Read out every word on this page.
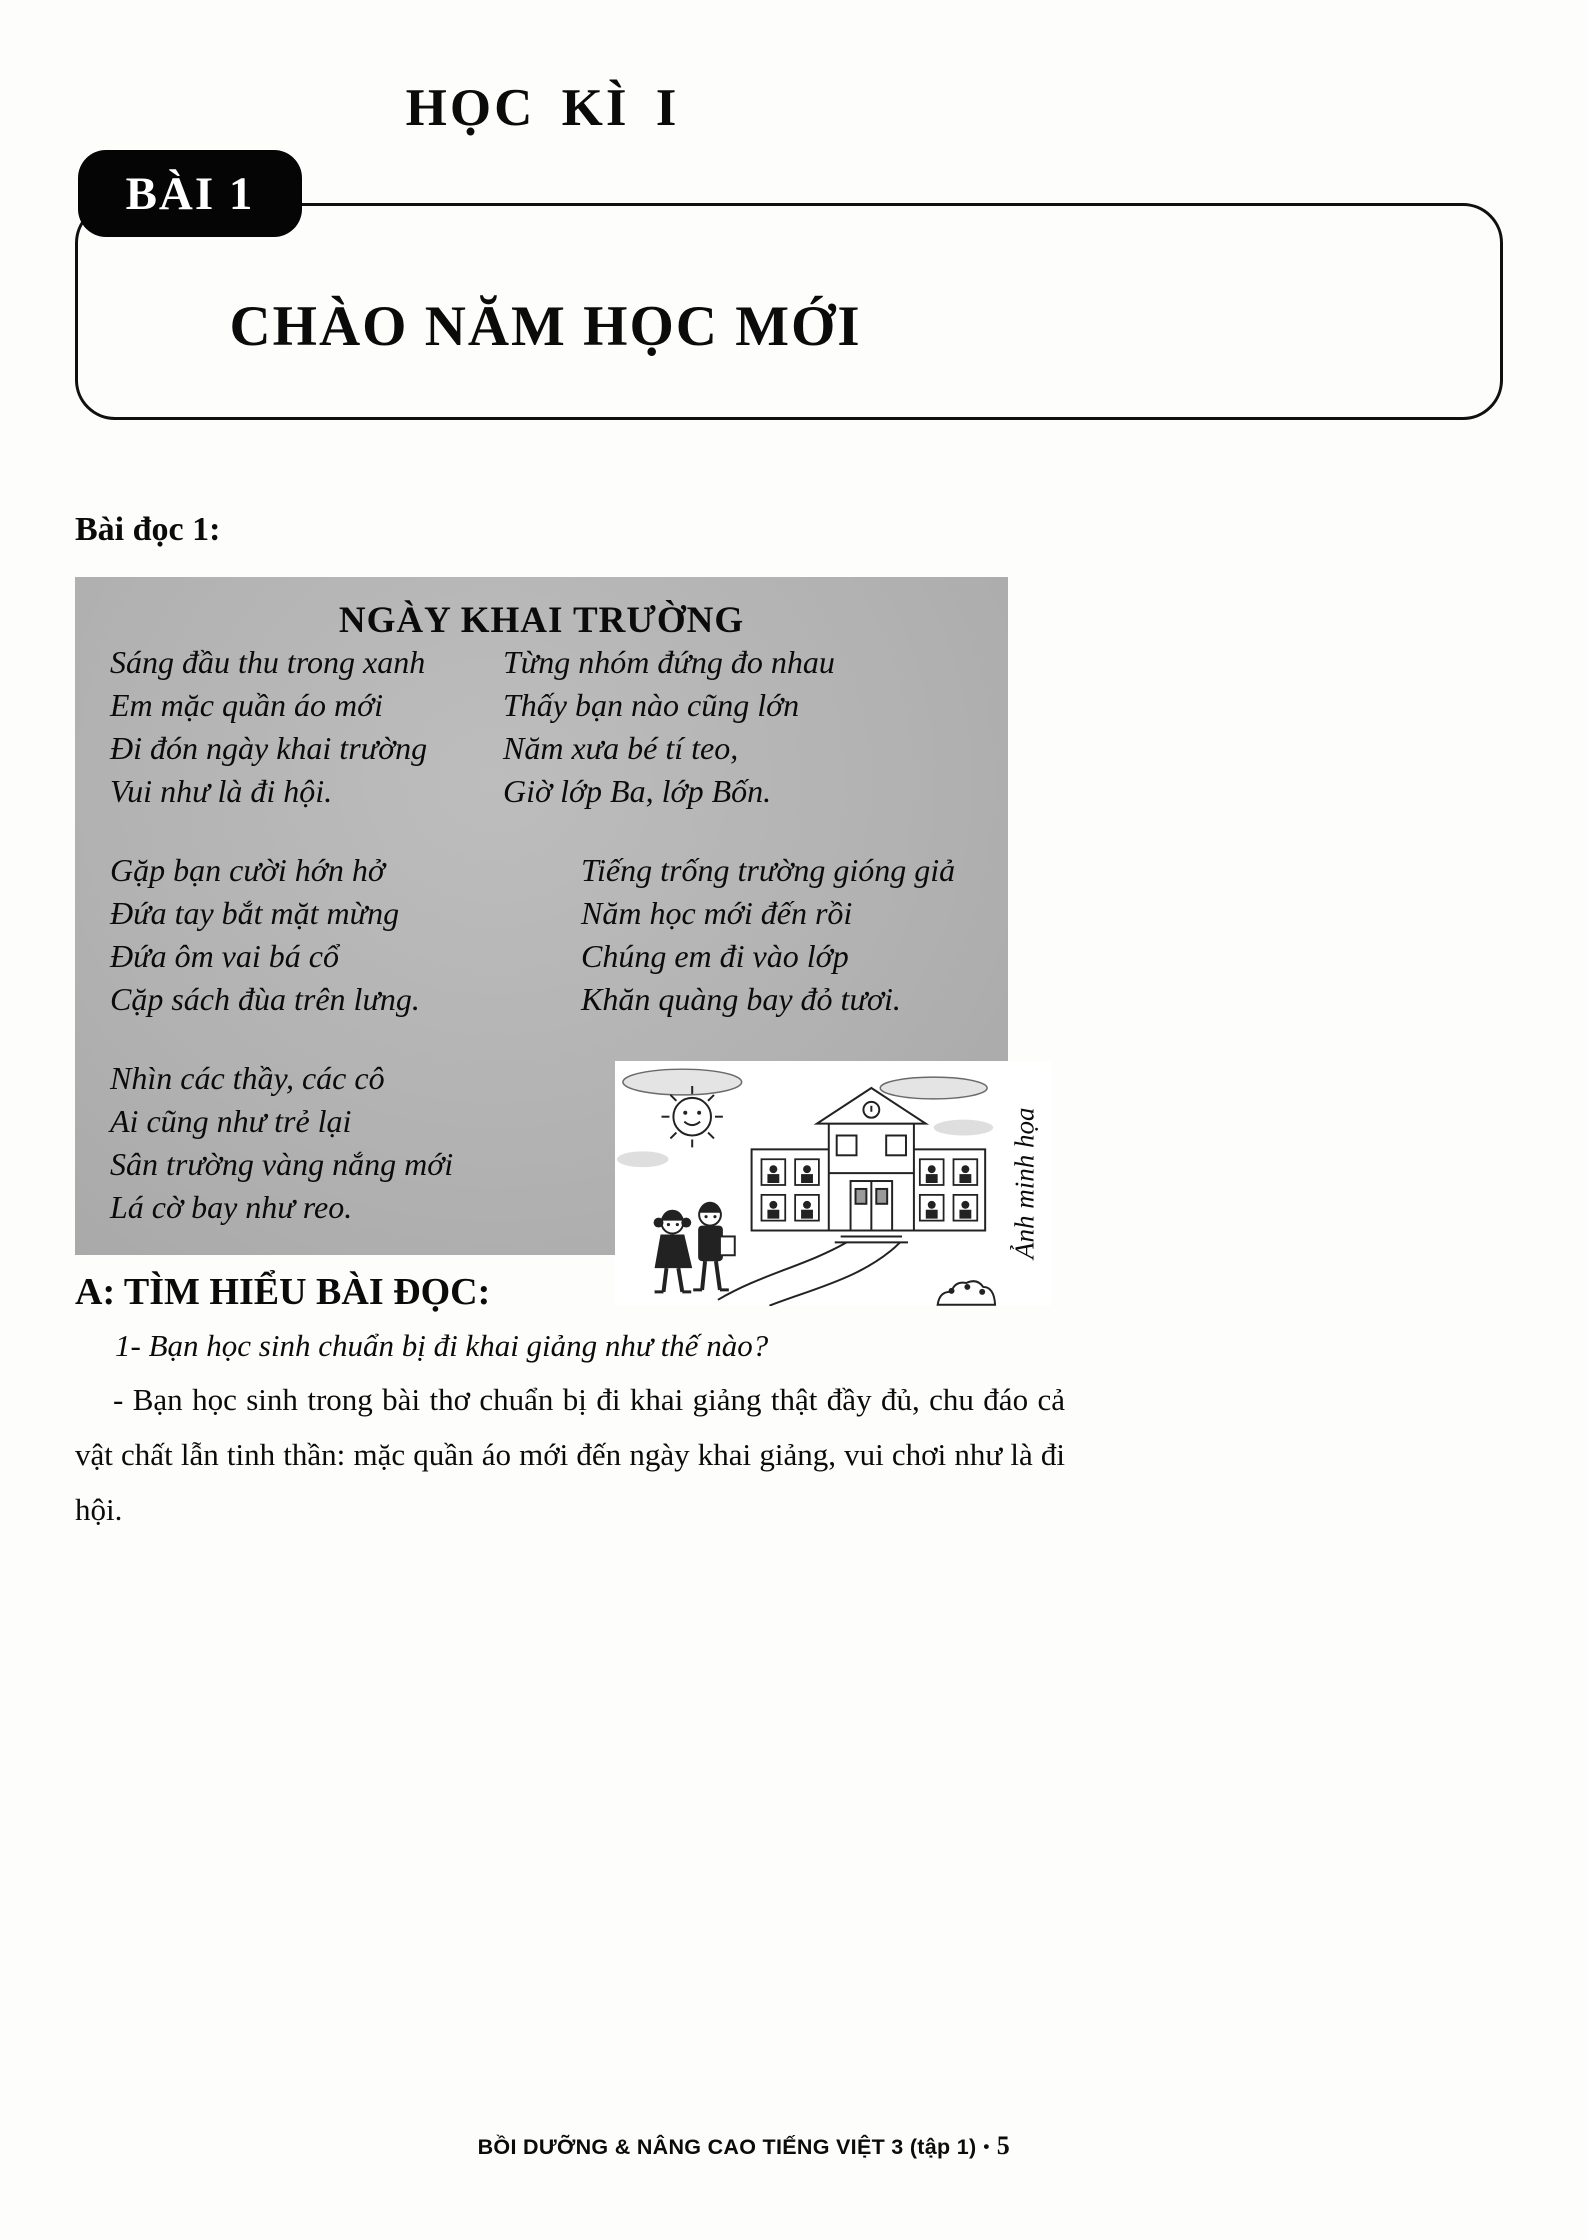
HỌC KÌ I
CHÀO NĂM HỌC MỚI
BÀI 1
Bài đọc 1:
NGÀY KHAI TRƯỜNG
Sáng đầu thu trong xanh
Em mặc quần áo mới
Đi đón ngày khai trường
Vui như là đi hội.
Gặp bạn cười hớn hở
Đứa tay bắt mặt mừng
Đứa ôm vai bá cổ
Cặp sách đùa trên lưng.
Nhìn các thầy, các cô
Ai cũng như trẻ lại
Sân trường vàng nắng mới
Lá cờ bay như reo.
Từng nhóm đứng đo nhau
Thấy bạn nào cũng lớn
Năm xưa bé tí teo,
Giờ lớp Ba, lớp Bốn.
Tiếng trống trường gióng giả
Năm học mới đến rồi
Chúng em đi vào lớp
Khăn quàng bay đỏ tươi.
Ảnh minh họa
A: TÌM HIỂU BÀI ĐỌC:

1- Bạn học sinh chuẩn bị đi khai giảng như thế nào?

- Bạn học sinh trong bài thơ chuẩn bị đi khai giảng thật đầy đủ, chu đáo cả vật chất lẫn tinh thần: mặc quần áo mới đến ngày khai giảng, vui chơi như là đi hội.

BỒI DƯỠNG & NÂNG CAO TIẾNG VIỆT 3 (tập 1) • 5
